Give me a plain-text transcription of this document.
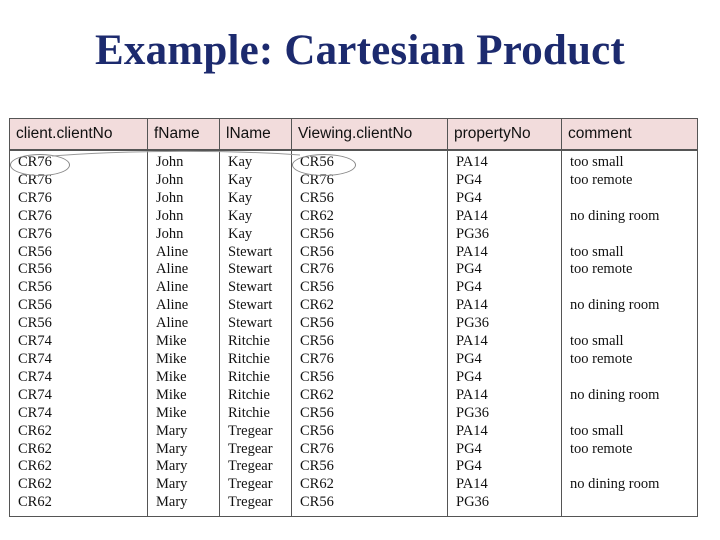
Example: Cartesian Product
client.clientNo	fName	lName	Viewing.clientNo	propertyNo	comment
CR76	John	Kay	CR56	PA14	too small
CR76	John	Kay	CR76	PG4	too remote
CR76	John	Kay	CR56	PG4	
CR76	John	Kay	CR62	PA14	no dining room
CR76	John	Kay	CR56	PG36	
CR56	Aline	Stewart	CR56	PA14	too small
CR56	Aline	Stewart	CR76	PG4	too remote
CR56	Aline	Stewart	CR56	PG4	
CR56	Aline	Stewart	CR62	PA14	no dining room
CR56	Aline	Stewart	CR56	PG36	
CR74	Mike	Ritchie	CR56	PA14	too small
CR74	Mike	Ritchie	CR76	PG4	too remote
CR74	Mike	Ritchie	CR56	PG4	
CR74	Mike	Ritchie	CR62	PA14	no dining room
CR74	Mike	Ritchie	CR56	PG36	
CR62	Mary	Tregear	CR56	PA14	too small
CR62	Mary	Tregear	CR76	PG4	too remote
CR62	Mary	Tregear	CR56	PG4	
CR62	Mary	Tregear	CR62	PA14	no dining room
CR62	Mary	Tregear	CR56	PG36	
